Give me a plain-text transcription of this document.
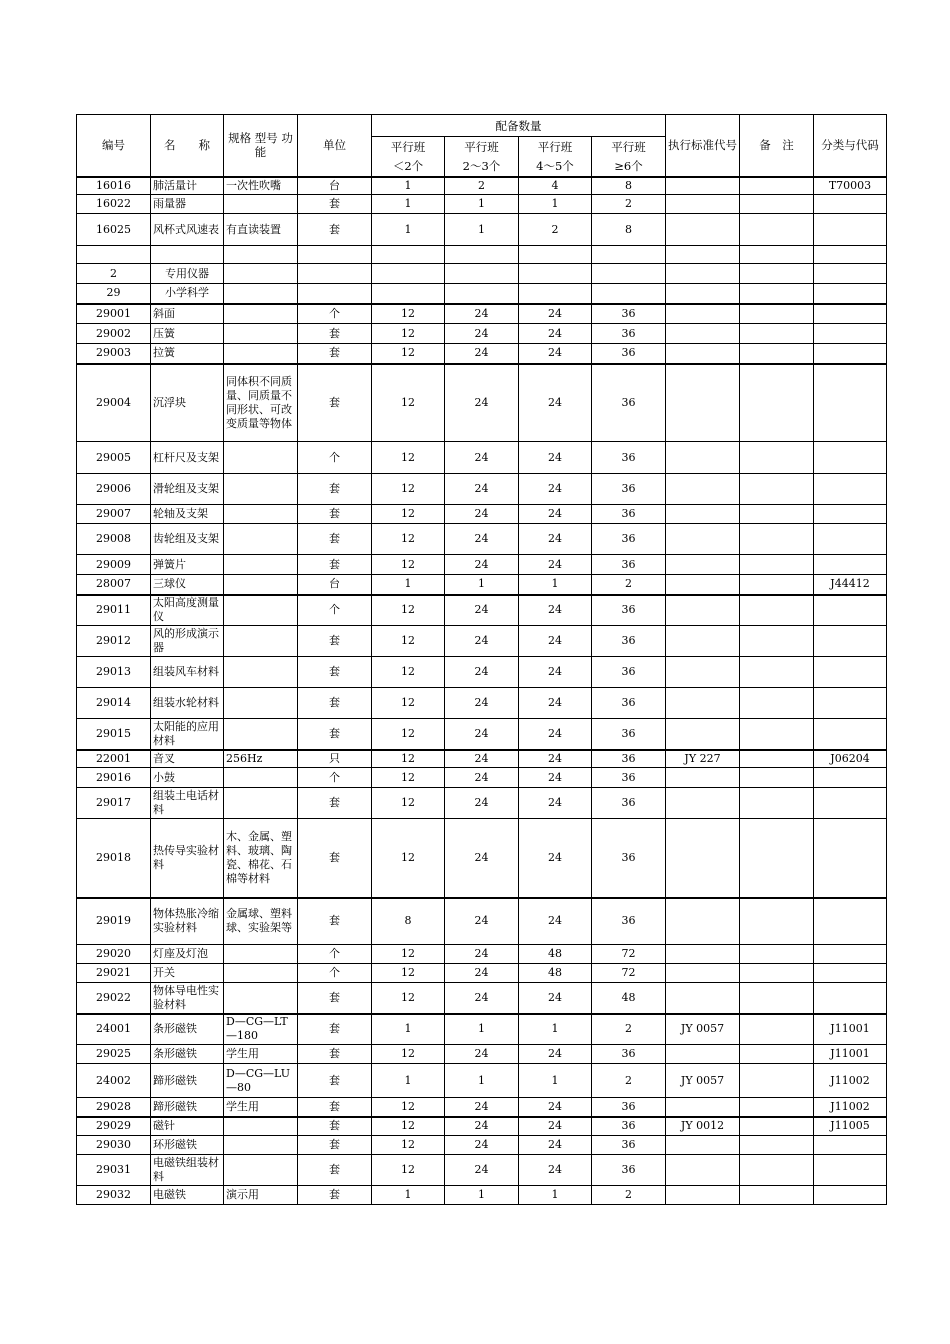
编号	名　　称	规格 型号 功能	单位	配备数量				执行标准代号	备　注	分类与代码
				平行班	平行班	平行班	平行班			
				＜2个	2～3个	4～5个	≥6个			
16016	肺活量计	一次性吹嘴	台	1	2	4	8			T70003
16022	雨量器		套	1	1	1	2			
16025	风杯式风速表	有直读装置	套	1	1	2	8			

2	专用仪器									
29	小学科学									
29001	斜面		个	12	24	24	36			
29002	压簧		套	12	24	24	36			
29003	拉簧		套	12	24	24	36			
29004	沉浮块	同体积不同质量、同质量不同形状、可改变质量等物体	套	12	24	24	36			
29005	杠杆尺及支架		个	12	24	24	36			
29006	滑轮组及支架		套	12	24	24	36			
29007	轮轴及支架		套	12	24	24	36			
29008	齿轮组及支架		套	12	24	24	36			
29009	弹簧片		套	12	24	24	36			
28007	三球仪		台	1	1	1	2			J44412
29011	太阳高度测量仪		个	12	24	24	36			
29012	风的形成演示器		套	12	24	24	36			
29013	组装风车材料		套	12	24	24	36			
29014	组装水轮材料		套	12	24	24	36			
29015	太阳能的应用材料		套	12	24	24	36			
22001	音叉	256Hz	只	12	24	24	36	JY 227		J06204
29016	小鼓		个	12	24	24	36			
29017	组装土电话材料		套	12	24	24	36			
29018	热传导实验材料	木、金属、塑料、玻璃、陶瓷、棉花、石棉等材料	套	12	24	24	36			
29019	物体热胀冷缩实验材料	金属球、塑料球、实验架等	套	8	24	24	36			
29020	灯座及灯泡		个	12	24	48	72			
29021	开关		个	12	24	48	72			
29022	物体导电性实验材料		套	12	24	24	48			
24001	条形磁铁	D—CG—LT—180	套	1	1	1	2	JY 0057		J11001
29025	条形磁铁	学生用	套	12	24	24	36			J11001
24002	蹄形磁铁	D—CG—LU—80	套	1	1	1	2	JY 0057		J11002
29028	蹄形磁铁	学生用	套	12	24	24	36			J11002
29029	磁针		套	12	24	24	36	JY 0012		J11005
29030	环形磁铁		套	12	24	24	36			
29031	电磁铁组装材料		套	12	24	24	36			
29032	电磁铁	演示用	套	1	1	1	2			
